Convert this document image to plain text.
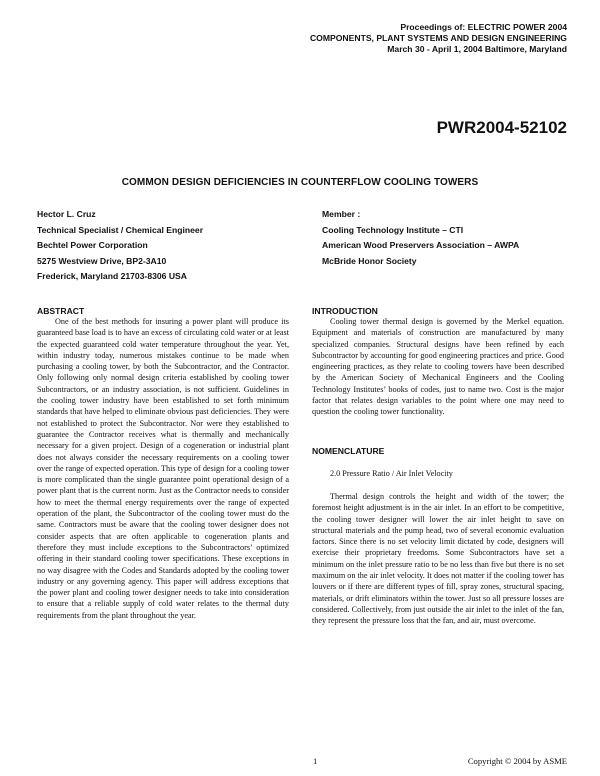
Proceedings of: ELECTRIC POWER 2004
COMPONENTS, PLANT SYSTEMS AND DESIGN ENGINEERING
March 30 - April 1, 2004 Baltimore, Maryland
PWR2004-52102
COMMON DESIGN DEFICIENCIES IN COUNTERFLOW COOLING TOWERS
Hector L. Cruz
Technical Specialist / Chemical Engineer
Bechtel Power Corporation
5275 Westview Drive, BP2-3A10
Frederick, Maryland 21703-8306 USA
Member :
Cooling Technology Institute – CTI
American Wood Preservers Association – AWPA
McBride Honor Society
ABSTRACT

One of the best methods for insuring a power plant will produce its guaranteed base load is to have an excess of circulating cold water or at least the expected guaranteed cold water temperature throughout the year. Yet, within industry today, numerous mistakes continue to be made when purchasing a cooling tower, by both the Subcontractor, and the Contractor. Only following only normal design criteria established by cooling tower Subcontractors, or an industry association, is not sufficient. Guidelines in the cooling tower industry have been established to set forth minimum standards that have helped to eliminate obvious past deficiencies. They were not established to protect the Subcontractor. Nor were they established to guarantee the Contractor receives what is thermally and mechanically necessary for a given project. Design of a cogeneration or industrial plant does not always consider the necessary requirements on a cooling tower over the range of expected operation. This type of design for a cooling tower is more complicated than the single guarantee point operational design of a power plant that is the current norm. Just as the Contractor needs to consider how to meet the thermal energy requirements over the range of expected operation of the plant, the Subcontractor of the cooling tower must do the same. Contractors must be aware that the cooling tower designer does not consider aspects that are often applicable to cogeneration plants and therefore they must include exceptions to the Subcontractors’ optimized offering in their standard cooling tower specifications. These exceptions in no way disagree with the Codes and Standards adopted by the cooling tower industry or any governing agency. This paper will address exceptions that the power plant and cooling tower designer needs to take into consideration to ensure that a reliable supply of cold water relates to the thermal duty requirements from the plant throughout the year.

INTRODUCTION

Cooling tower thermal design is governed by the Merkel equation. Equipment and materials of construction are manufactured by many specialized companies. Structural designs have been refined by each Subcontractor by accounting for good engineering practices and price. Good engineering practices, as they relate to cooling towers have been described by the American Society of Mechanical Engineers and the Cooling Technology Institutes’ books of codes, just to name two. Cost is the major factor that relates design variables to the point where one may need to question the cooling tower functionality.

NOMENCLATURE
2.0 Pressure Ratio / Air Inlet Velocity

Thermal design controls the height and width of the tower; the foremost height adjustment is in the air inlet. In an effort to be competitive, the cooling tower designer will lower the air inlet height to save on structural materials and the pump head, two of several economic evaluation factors. Since there is no set velocity limit dictated by code, designers will exercise their proprietary freedoms. Some Subcontractors have set a minimum on the inlet pressure ratio to be no less than five but there is no set maximum on the air inlet velocity. It does not matter if the cooling tower has louvers or if there are different types of fill, spray zones, structural spacing, materials, or drift eliminators within the tower. Just so all pressure losses are considered. Collectively, from just outside the air inlet to the inlet of the fan, they represent the pressure loss that the fan, and air, must overcome.

1	Copyright © 2004 by ASME
